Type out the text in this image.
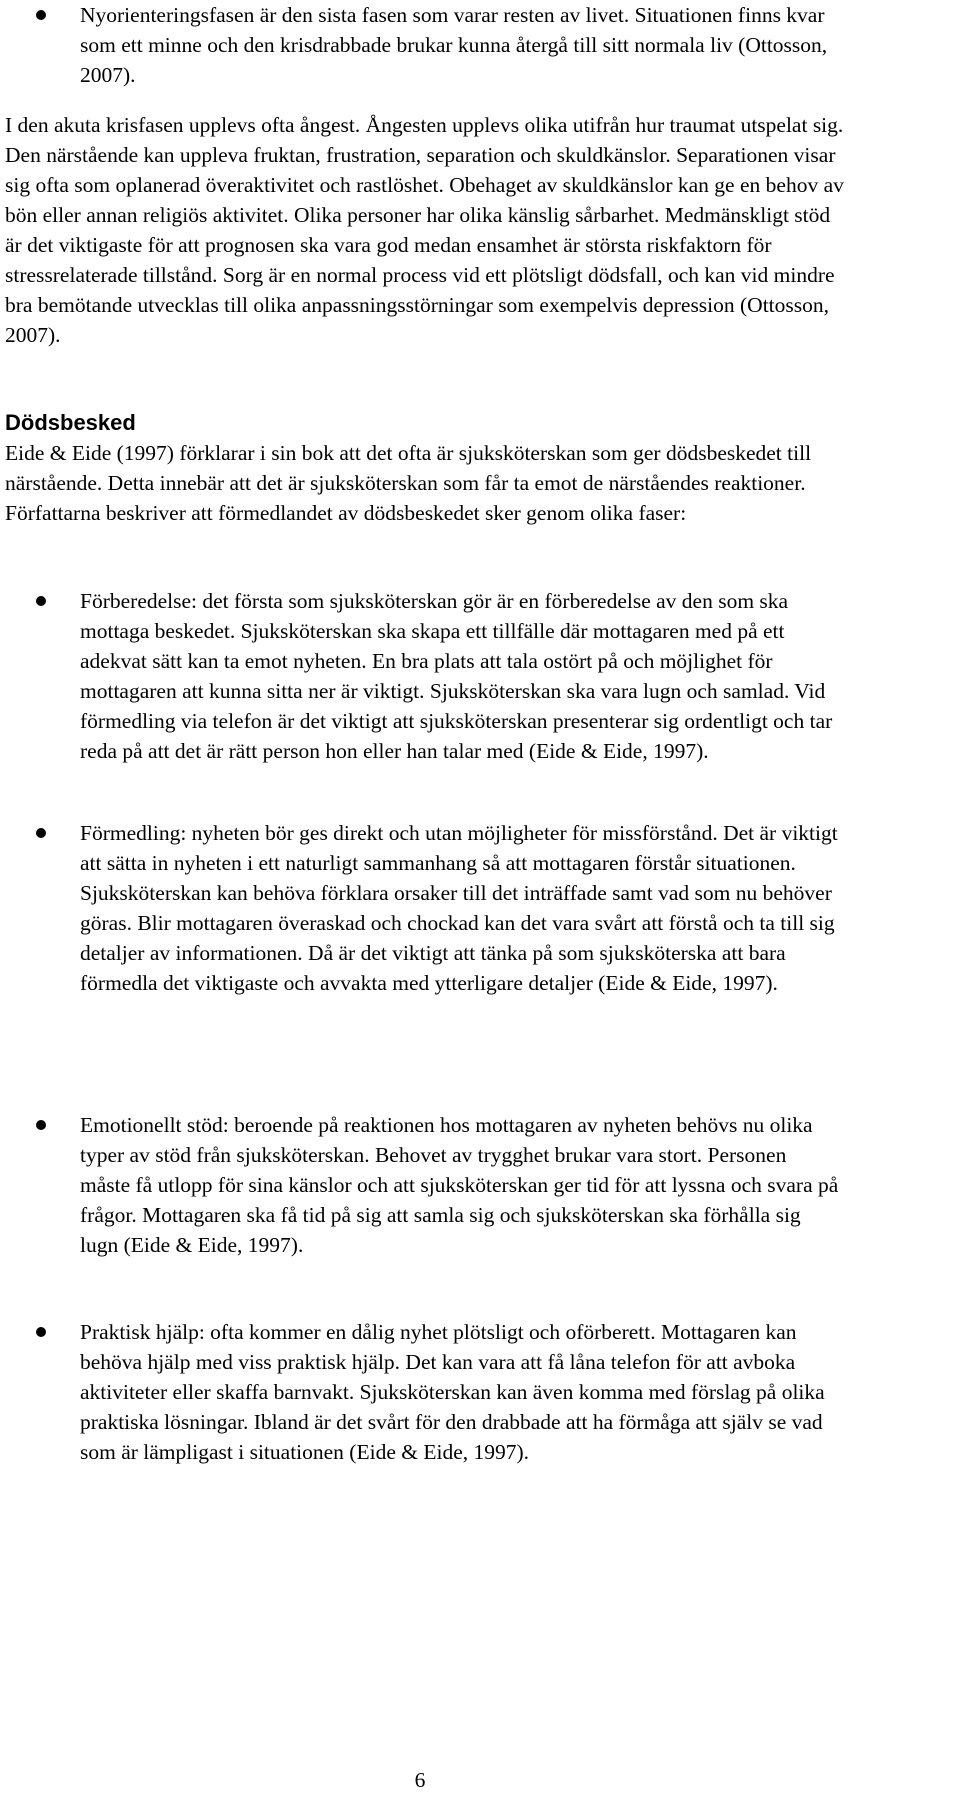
Nyorienteringsfasen är den sista fasen som varar resten av livet. Situationen finns kvar som ett minne och den krisdrabbade brukar kunna återgå till sitt normala liv (Ottosson, 2007).

I den akuta krisfasen upplevs ofta ångest. Ångesten upplevs olika utifrån hur traumat utspelat sig. Den närstående kan uppleva fruktan, frustration, separation och skuldkänslor. Separationen visar sig ofta som oplanerad överaktivitet och rastlöshet. Obehaget av skuldkänslor kan ge en behov av bön eller annan religiös aktivitet. Olika personer har olika känslig sårbarhet. Medmänskligt stöd är det viktigaste för att prognosen ska vara god medan ensamhet är största riskfaktorn för stressrelaterade tillstånd. Sorg är en normal process vid ett plötsligt dödsfall, och kan vid mindre bra bemötande utvecklas till olika anpassningsstörningar som exempelvis depression (Ottosson, 2007).

Dödsbesked

Eide & Eide (1997) förklarar i sin bok att det ofta är sjuksköterskan som ger dödsbeskedet till närstående. Detta innebär att det är sjuksköterskan som får ta emot de närståendes reaktioner. Författarna beskriver att förmedlandet av dödsbeskedet sker genom olika faser:

Förberedelse: det första som sjuksköterskan gör är en förberedelse av den som ska mottaga beskedet. Sjuksköterskan ska skapa ett tillfälle där mottagaren med på ett adekvat sätt kan ta emot nyheten. En bra plats att tala ostört på och möjlighet för mottagaren att kunna sitta ner är viktigt. Sjuksköterskan ska vara lugn och samlad. Vid förmedling via telefon är det viktigt att sjuksköterskan presenterar sig ordentligt och tar reda på att det är rätt person hon eller han talar med (Eide & Eide, 1997).

Förmedling: nyheten bör ges direkt och utan möjligheter för missförstånd. Det är viktigt att sätta in nyheten i ett naturligt sammanhang så att mottagaren förstår situationen. Sjuksköterskan kan behöva förklara orsaker till det inträffade samt vad som nu behöver göras. Blir mottagaren överaskad och chockad kan det vara svårt att förstå och ta till sig detaljer av informationen. Då är det viktigt att tänka på som sjuksköterska att bara förmedla det viktigaste och avvakta med ytterligare detaljer (Eide & Eide, 1997).

Emotionellt stöd: beroende på reaktionen hos mottagaren av nyheten behövs nu olika typer av stöd från sjuksköterskan. Behovet av trygghet brukar vara stort. Personen måste få utlopp för sina känslor och att sjuksköterskan ger tid för att lyssna och svara på frågor. Mottagaren ska få tid på sig att samla sig och sjuksköterskan ska förhålla sig lugn (Eide & Eide, 1997).

Praktisk hjälp: ofta kommer en dålig nyhet plötsligt och oförberett. Mottagaren kan behöva hjälp med viss praktisk hjälp. Det kan vara att få låna telefon för att avboka aktiviteter eller skaffa barnvakt. Sjuksköterskan kan även komma med förslag på olika praktiska lösningar. Ibland är det svårt för den drabbade att ha förmåga att själv se vad som är lämpligast i situationen (Eide & Eide, 1997).

6
